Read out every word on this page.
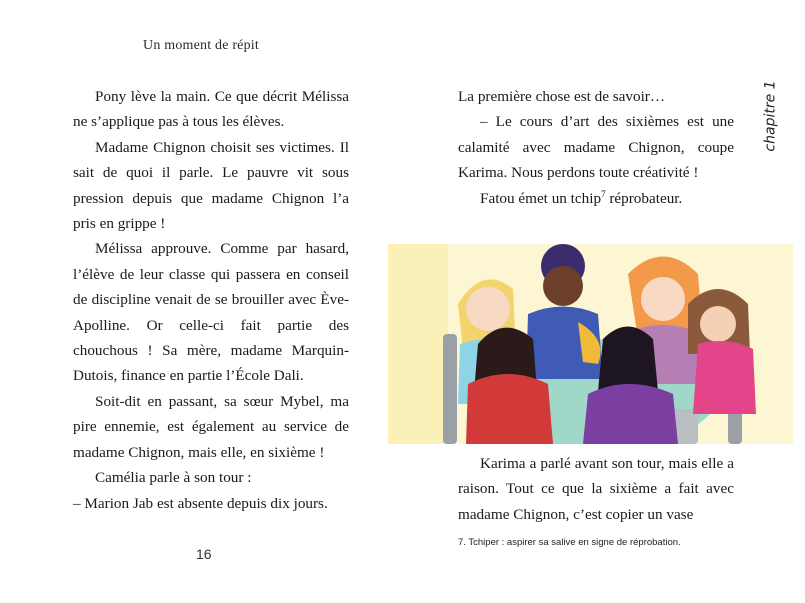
Un moment de répit

Pony lève la main. Ce que décrit Mélissa ne s’applique pas à tous les élèves.

Madame Chignon choisit ses victimes. Il sait de quoi il parle. Le pauvre vit sous pression depuis que madame Chignon l’a pris en grippe !

Mélissa approuve. Comme par hasard, l’élève de leur classe qui passera en conseil de discipline venait de se brouiller avec Ève-Apolline. Or celle-ci fait partie des chouchous ! Sa mère, madame Marquin-Dutois, finance en partie l’École Dali.

Soit-dit en passant, sa sœur Mybel, ma pire ennemie, est également au service de madame Chignon, mais elle, en sixième !

Camélia parle à son tour :

– Marion Jab est absente depuis dix jours.

16

La première chose est de savoir…

– Le cours d’art des sixièmes est une calamité avec madame Chignon, coupe Karima. Nous perdons toute créativité !

Fatou émet un tchip$^7$ réprobateur.

chapitre 1

Karima a parlé avant son tour, mais elle a raison. Tout ce que la sixième a fait avec madame Chignon, c’est copier un vase

7. Tchiper : aspirer sa salive en signe de réprobation.
